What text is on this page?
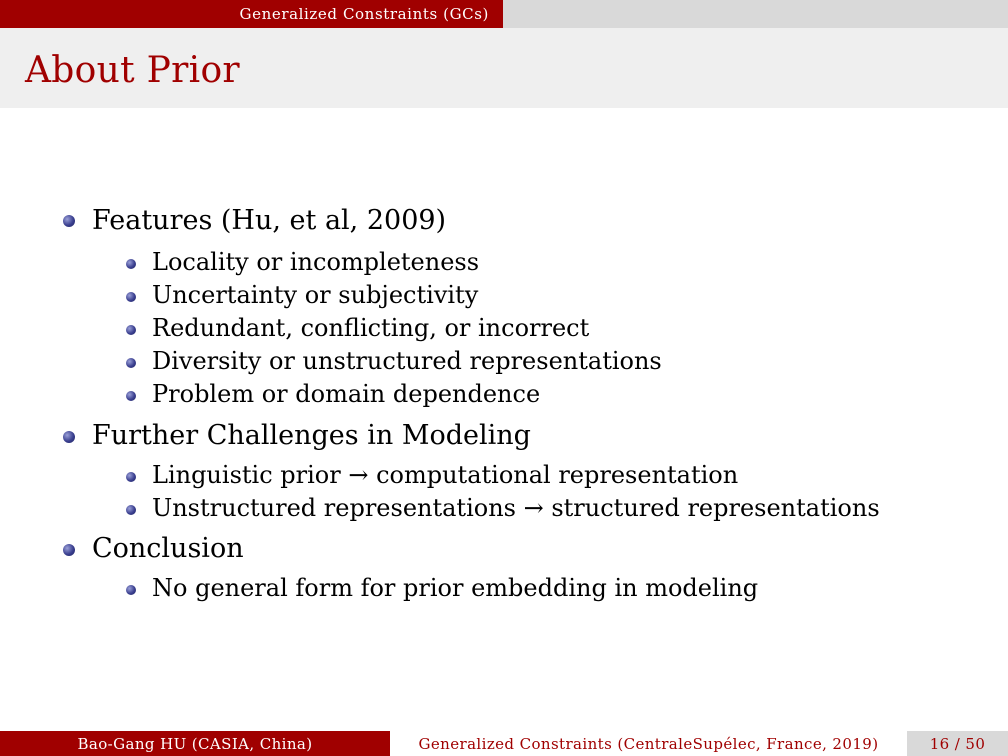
Generalized Constraints (GCs)
About Prior
Features (Hu, et al, 2009)
Locality or incompleteness
Uncertainty or subjectivity
Redundant, conflicting, or incorrect
Diversity or unstructured representations
Problem or domain dependence
Further Challenges in Modeling
Linguistic prior → computational representation
Unstructured representations → structured representations
Conclusion
No general form for prior embedding in modeling
Bao-Gang HU (CASIA, China)	Generalized Constraints (CentraleSupélec, France, 2019)	16 / 50
